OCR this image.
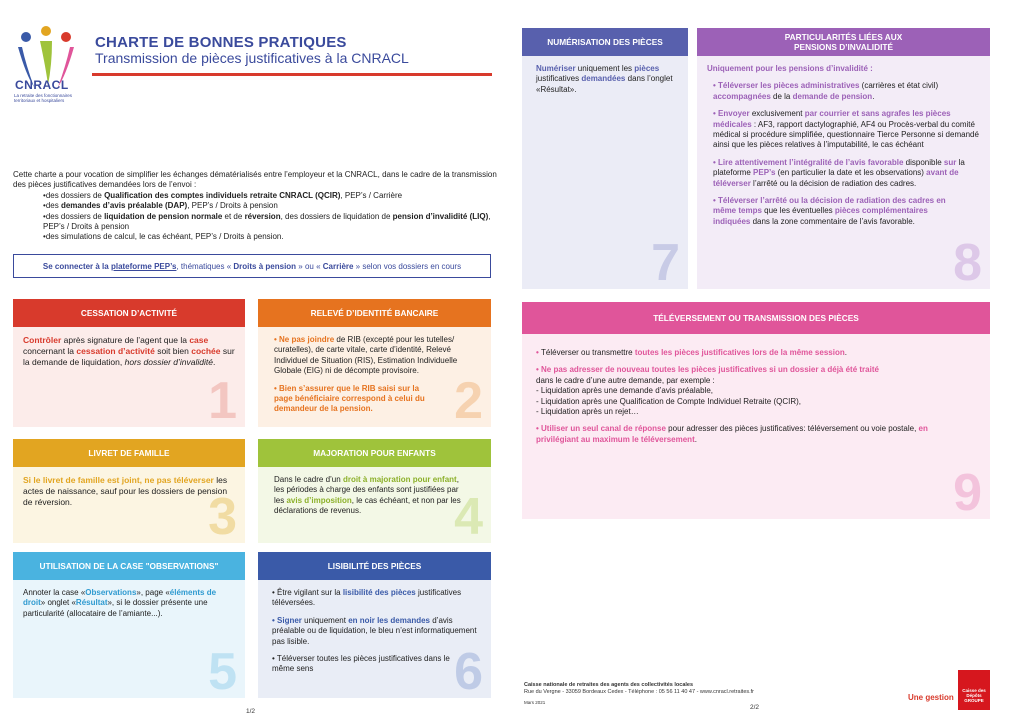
CNRACL
La retraite des fonctionnaires territoriaux et hospitaliers
CHARTE DE BONNES PRATIQUES
Transmission de pièces justificatives à la CNRACL
Cette charte a pour vocation de simplifier les échanges dématérialisés entre l’employeur et la CNRACL, dans le cadre de la transmission des pièces justificatives demandées lors de l’envoi :
• des dossiers de Qualification des comptes individuels retraite CNRACL (QCIR), PEP’s / Carrière
• des demandes d’avis préalable (DAP), PEP’s / Droits à pension
• des dossiers de liquidation de pension normale et de réversion, des dossiers de liquidation de pension d’invalidité (LIQ), PEP’s / Droits à pension
• des simulations de calcul, le cas échéant, PEP’s / Droits à pension.
Se connecter à la plateforme PEP’s, thématiques « Droits à pension » ou « Carrière » selon vos dossiers en cours
CESSATION D’ACTIVITÉ
Contrôler après signature de l’agent que la case concernant la cessation d’activité soit bien cochée sur la demande de liquidation, hors dossier d’invalidité.
1
RELEVÉ D’IDENTITÉ BANCAIRE
• Ne pas joindre de RIB (excepté pour les tutelles/ curatelles), de carte vitale, carte d’identité, Relevé Individuel de Situation (RIS), Estimation Individuelle Globale (EIG) ni de décompte provisoire.
• Bien s’assurer que le RIB saisi sur la page bénéficiaire correspond à celui du demandeur de la pension.	2
LIVRET DE FAMILLE
Si le livret de famille est joint, ne pas téléverser les actes de naissance, sauf pour les dossiers de pension de réversion.	3
MAJORATION POUR ENFANTS
Dans le cadre d’un droit à majoration pour enfant, les périodes à charge des enfants sont justifiées par les avis d’imposition, le cas échéant, et non par les déclarations de revenus.	4
UTILISATION DE LA CASE "OBSERVATIONS"
Annoter la case «Observations», page «éléments de droit» onglet «Résultat», si le dossier présente une particularité (allocataire de l’amiante...).
5
LISIBILITÉ DES PIÈCES
• Être vigilant sur la lisibilité des pièces justificatives téléversées.
• Signer uniquement en noir les demandes d’avis préalable ou de liquidation, le bleu n’est informatiquement pas lisible.
• Téléverser toutes les pièces justificatives dans le même sens	6
NUMÉRISATION DES PIÈCES
Numériser uniquement les pièces justificatives demandées dans l’onglet «Résultat».
7
PARTICULARITÉS LIÉES AUX PENSIONS D’INVALIDITÉ
Uniquement pour les pensions d’invalidité :
• Téléverser les pièces administratives (carrières et état civil) accompagnées de la demande de pension.
• Envoyer exclusivement par courrier et sans agrafes les pièces médicales : AF3, rapport dactylographié, AF4 ou Procès-verbal du comité médical si procédure simplifiée, questionnaire Tierce Personne si demandé ainsi que les pièces relatives à l’imputabilité, le cas échéant
• Lire attentivement l’intégralité de l’avis favorable disponible sur la plateforme PEP’s (en particulier la date et les observations) avant de téléverser l’arrêté ou la décision de radiation des cadres.
• Téléverser l’arrêté ou la décision de radiation des cadres en même temps que les éventuelles pièces complémentaires indiquées dans la zone commentaire de l’avis favorable.
8
TÉLÉVERSEMENT OU TRANSMISSION DES PIÈCES
• Téléverser ou transmettre toutes les pièces justificatives lors de la même session.
• Ne pas adresser de nouveau toutes les pièces justificatives si un dossier a déjà été traité
dans le cadre d’une autre demande, par exemple :
- Liquidation après une demande d’avis préalable,
- Liquidation après une Qualification de Compte Individuel Retraite (QCIR),
- Liquidation après un rejet…
• Utiliser un seul canal de réponse pour adresser des pièces justificatives: téléversement ou voie postale, en privilégiant au maximum le téléversement.
9
Caisse nationale de retraites des agents des collectivités locales
Rue du Vergne - 33059 Bordeaux Cedex - Téléphone : 05 56 11 40 47 - www.cnracl.retraites.fr
Mars 2021
1/2
2/2
Une gestion
Caisse des Dépôts GROUPE
